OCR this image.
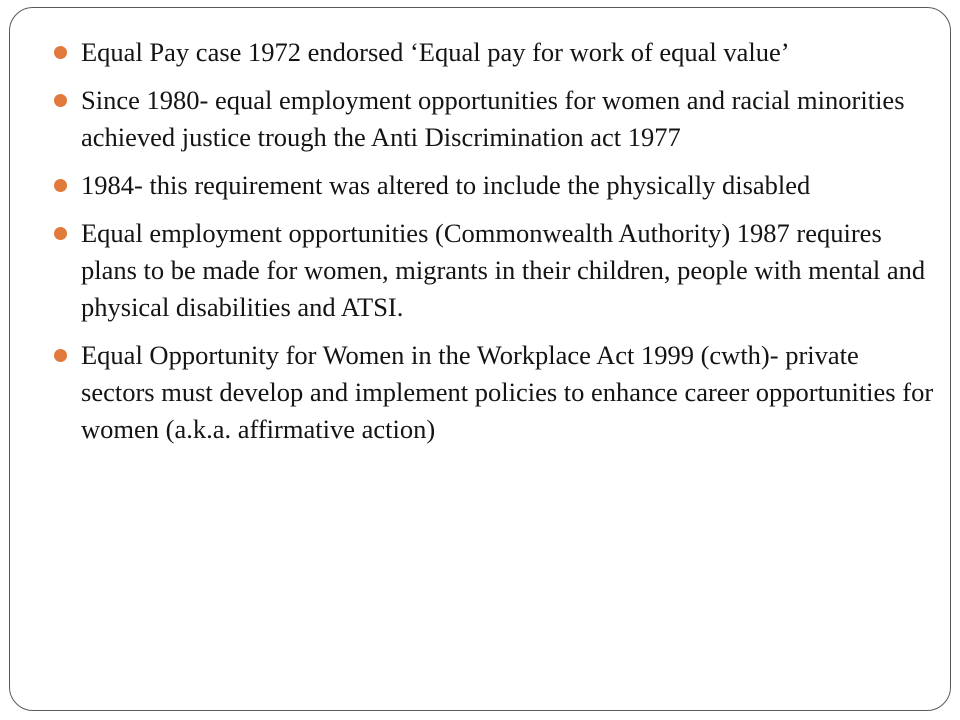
Equal Pay case 1972 endorsed ‘Equal pay for work of equal value’
Since 1980- equal employment opportunities for women and racial minorities achieved justice trough the Anti Discrimination act 1977
1984- this requirement was altered to include the physically disabled
Equal employment opportunities (Commonwealth Authority) 1987 requires plans to be made for women, migrants in their children, people with mental and physical disabilities and ATSI.
Equal Opportunity for Women in the Workplace Act 1999 (cwth)- private sectors must develop and implement policies to enhance career opportunities for women (a.k.a. affirmative action)
